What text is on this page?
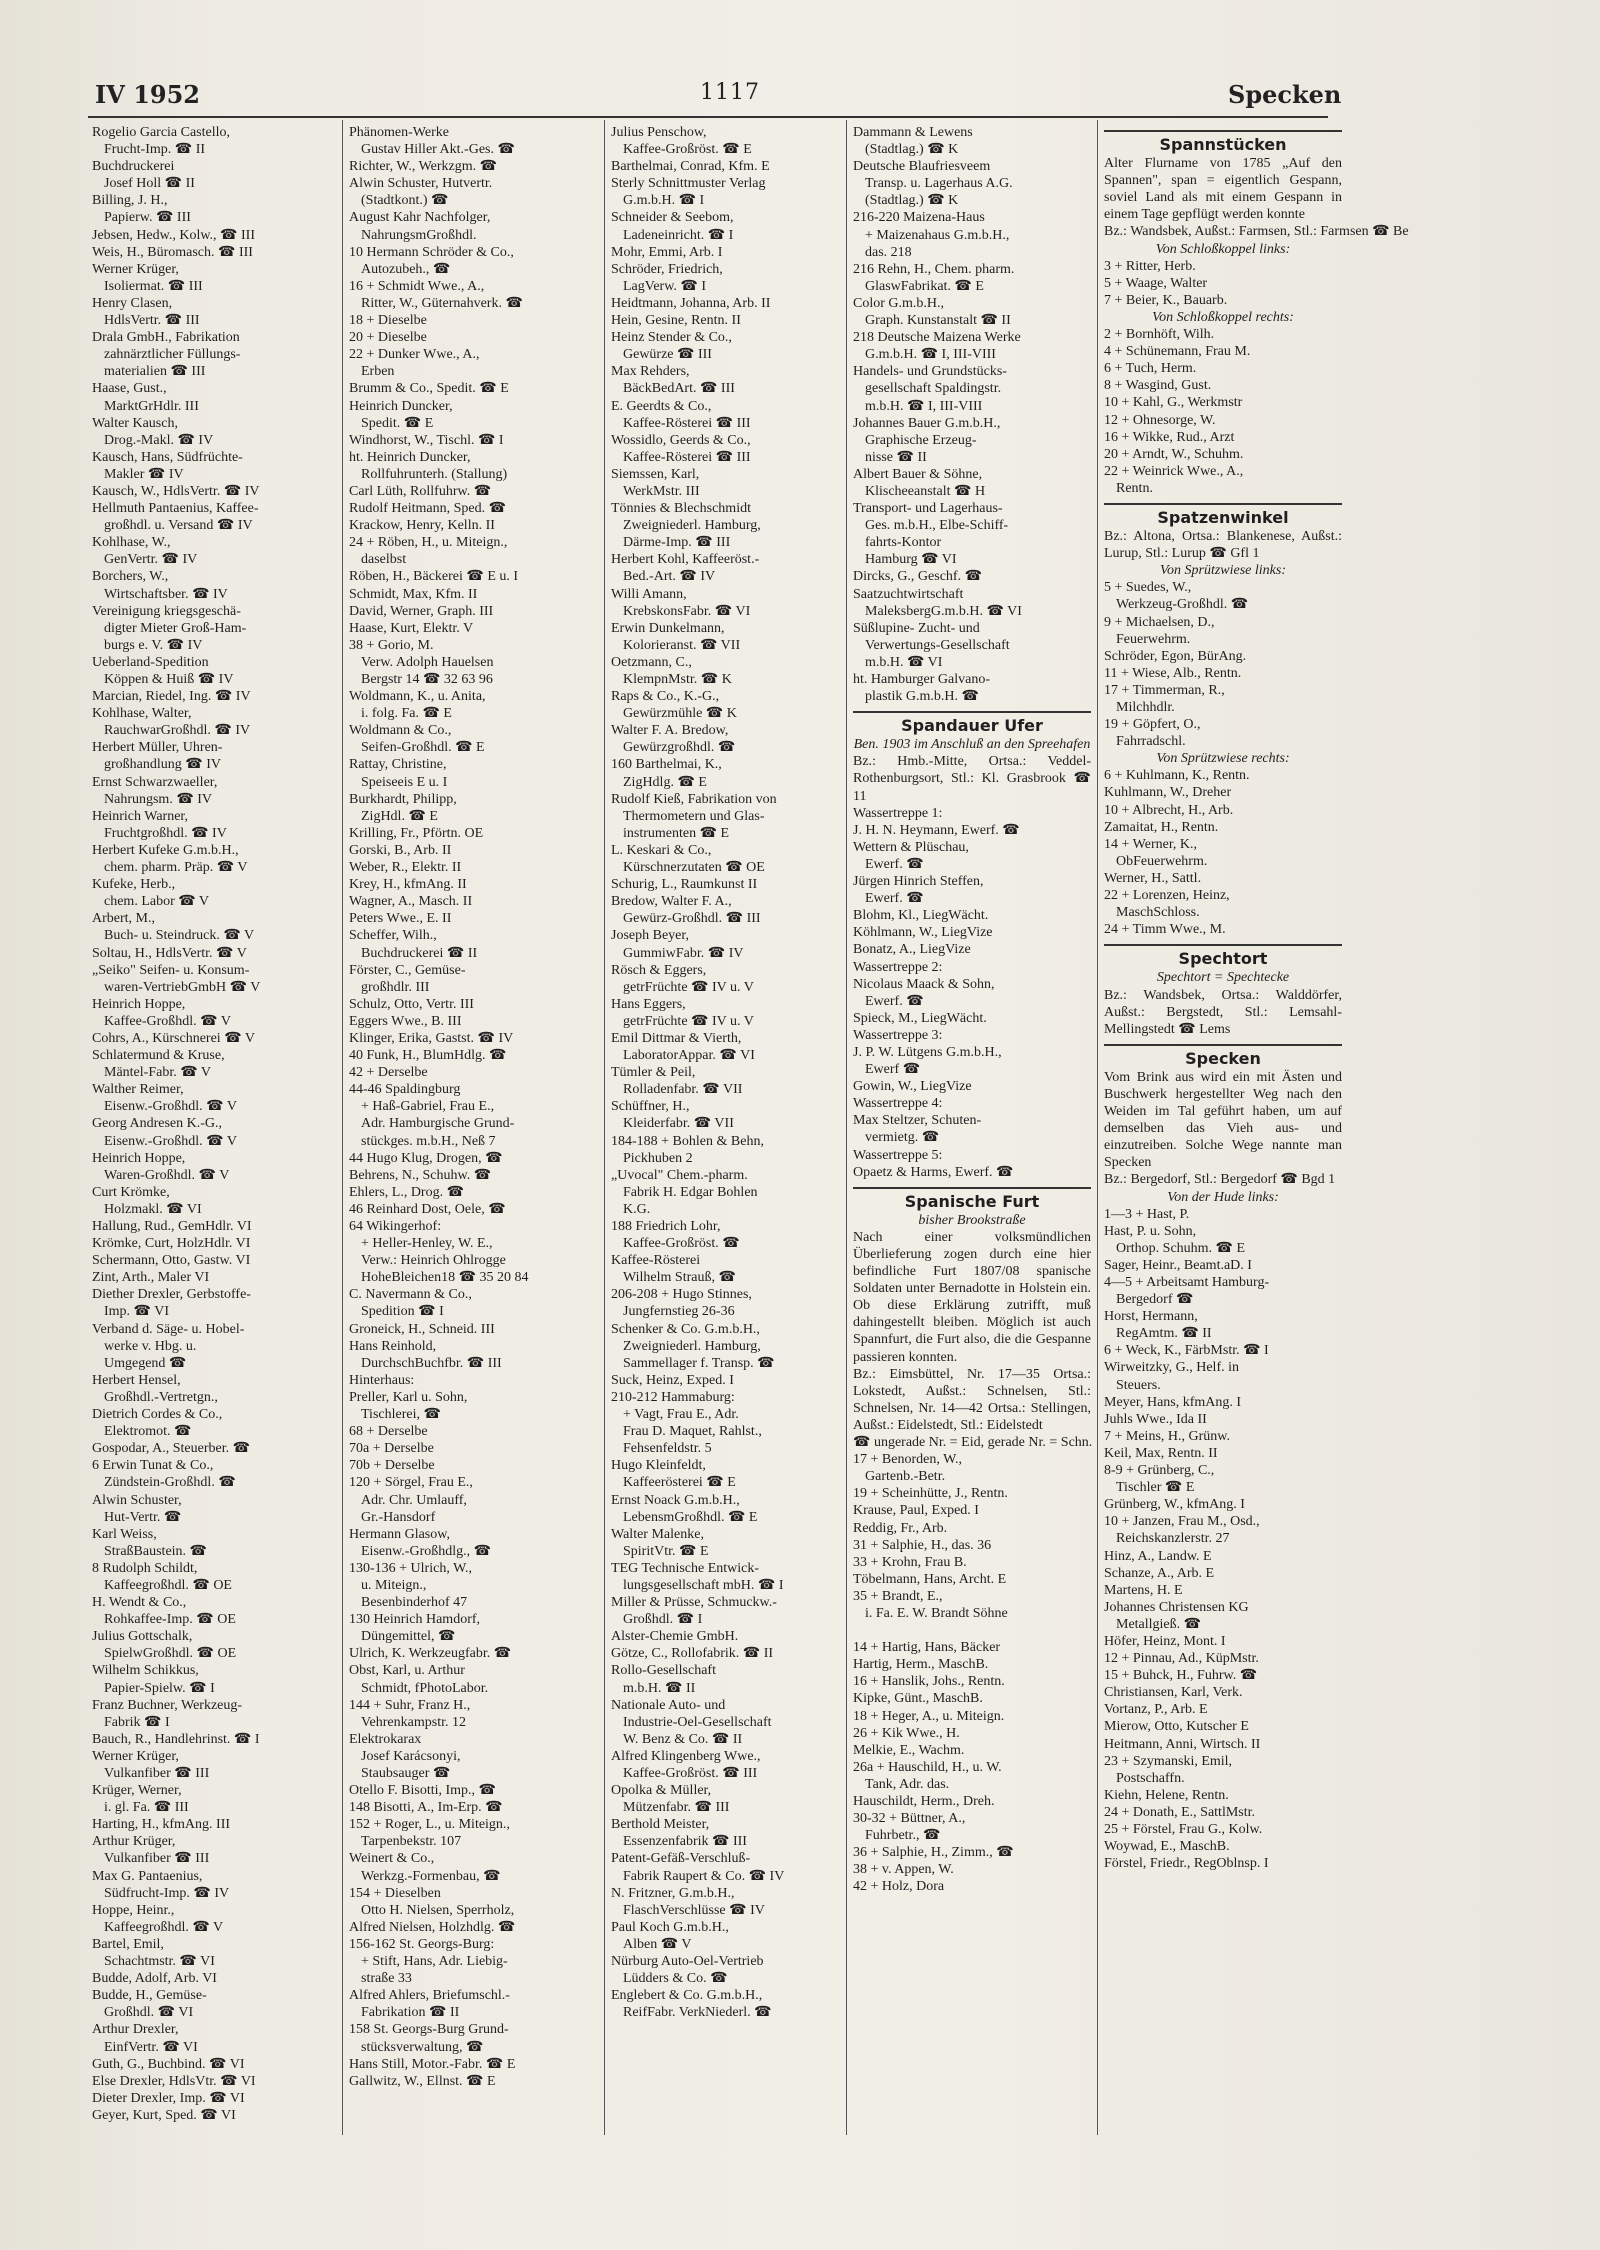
IV 1952	1117	Specken
Rogelio Garcia Castello,
Frucht-Imp. ☎ II
Buchdruckerei
Josef Holl ☎ II
Billing, J. H.,
Papierw. ☎ III
Jebsen, Hedw., Kolw., ☎ III
Weis, H., Büromasch. ☎ III
Werner Krüger,
Isoliermat. ☎ III
Henry Clasen,
HdlsVertr. ☎ III
Drala GmbH., Fabrikation
zahnärztlicher Füllungs-
materialien ☎ III
Haase, Gust.,
MarktGrHdlr. III
Walter Kausch,
Drog.-Makl. ☎ IV
Kausch, Hans, Südfrüchte-
Makler ☎ IV
Kausch, W., HdlsVertr. ☎ IV
Hellmuth Pantaenius, Kaffee-
großhdl. u. Versand ☎ IV
Kohlhase, W.,
GenVertr. ☎ IV
Borchers, W.,
Wirtschaftsber. ☎ IV
Vereinigung kriegsgeschä-
digter Mieter Groß-Ham-
burgs e. V. ☎ IV
Ueberland-Spedition
Köppen & Huiß ☎ IV
Marcian, Riedel, Ing. ☎ IV
Kohlhase, Walter,
RauchwarGroßhdl. ☎ IV
Herbert Müller, Uhren-
großhandlung ☎ IV
Ernst Schwarzwaeller,
Nahrungsm. ☎ IV
Heinrich Warner,
Fruchtgroßhdl. ☎ IV
Herbert Kufeke G.m.b.H.,
chem. pharm. Präp. ☎ V
Kufeke, Herb.,
chem. Labor ☎ V
Arbert, M.,
Buch- u. Steindruck. ☎ V
Soltau, H., HdlsVertr. ☎ V
„Seiko" Seifen- u. Konsum-
waren-VertriebGmbH ☎ V
Heinrich Hoppe,
Kaffee-Großhdl. ☎ V
Cohrs, A., Kürschnerei ☎ V
Schlatermund & Kruse,
Mäntel-Fabr. ☎ V
Walther Reimer,
Eisenw.-Großhdl. ☎ V
Georg Andresen K.-G.,
Eisenw.-Großhdl. ☎ V
Heinrich Hoppe,
Waren-Großhdl. ☎ V
Curt Krömke,
Holzmakl. ☎ VI
Hallung, Rud., GemHdlr. VI
Krömke, Curt, HolzHdlr. VI
Schermann, Otto, Gastw. VI
Zint, Arth., Maler VI
Diether Drexler, Gerbstoffe-
Imp. ☎ VI
Verband d. Säge- u. Hobel-
werke v. Hbg. u.
Umgegend ☎
Herbert Hensel,
Großhdl.-Vertretgn.,
Dietrich Cordes & Co.,
Elektromot. ☎
Gospodar, A., Steuerber. ☎
6 Erwin Tunat & Co.,
Zündstein-Großhdl. ☎
Alwin Schuster,
Hut-Vertr. ☎
Karl Weiss,
StraßBaustein. ☎
8 Rudolph Schildt,
Kaffeegroßhdl. ☎ OE
H. Wendt & Co.,
Rohkaffee-Imp. ☎ OE
Julius Gottschalk,
SpielwGroßhdl. ☎ OE
Wilhelm Schikkus,
Papier-Spielw. ☎ I
Franz Buchner, Werkzeug-
Fabrik ☎ I
Bauch, R., Handlehrinst. ☎ I
Werner Krüger,
Vulkanfiber ☎ III
Krüger, Werner,
i. gl. Fa. ☎ III
Harting, H., kfmAng. III
Arthur Krüger,
Vulkanfiber ☎ III
Max G. Pantaenius,
Südfrucht-Imp. ☎ IV
Hoppe, Heinr.,
Kaffeegroßhdl. ☎ V
Bartel, Emil,
Schachtmstr. ☎ VI
Budde, Adolf, Arb. VI
Budde, H., Gemüse-
Großhdl. ☎ VI
Arthur Drexler,
EinfVertr. ☎ VI
Guth, G., Buchbind. ☎ VI
Else Drexler, HdlsVtr. ☎ VI
Dieter Drexler, Imp. ☎ VI
Geyer, Kurt, Sped. ☎ VI
Phänomen-Werke
Gustav Hiller Akt.-Ges. ☎
Richter, W., Werkzgm. ☎
Alwin Schuster, Hutvertr.
(Stadtkont.) ☎
August Kahr Nachfolger,
NahrungsmGroßhdl.
10 Hermann Schröder & Co.,
Autozubeh., ☎
16 + Schmidt Wwe., A.,
Ritter, W., Güternahverk. ☎
18 + Dieselbe
20 + Dieselbe
22 + Dunker Wwe., A.,
Erben
Brumm & Co., Spedit. ☎ E
Heinrich Duncker,
Spedit. ☎ E
Windhorst, W., Tischl. ☎ I
ht. Heinrich Duncker,
Rollfuhrunterh. (Stallung)
Carl Lüth, Rollfuhrw. ☎
Rudolf Heitmann, Sped. ☎
Krackow, Henry, Kelln. II
24 + Röben, H., u. Miteign.,
daselbst
Röben, H., Bäckerei ☎ E u. I
Schmidt, Max, Kfm. II
David, Werner, Graph. III
Haase, Kurt, Elektr. V
38 + Gorio, M.
Verw. Adolph Hauelsen
Bergstr 14 ☎ 32 63 96
Woldmann, K., u. Anita,
i. folg. Fa. ☎ E
Woldmann & Co.,
Seifen-Großhdl. ☎ E
Rattay, Christine,
Speiseeis E u. I
Burkhardt, Philipp,
ZigHdl. ☎ E
Krilling, Fr., Pförtn. OE
Gorski, B., Arb. II
Weber, R., Elektr. II
Krey, H., kfmAng. II
Wagner, A., Masch. II
Peters Wwe., E. II
Scheffer, Wilh.,
Buchdruckerei ☎ II
Förster, C., Gemüse-
großhdlr. III
Schulz, Otto, Vertr. III
Eggers Wwe., B. III
Klinger, Erika, Gastst. ☎ IV
40 Funk, H., BlumHdlg. ☎
42 + Derselbe
44-46 Spaldingburg
+ Haß-Gabriel, Frau E.,
Adr. Hamburgische Grund-
stückges. m.b.H., Neß 7
44 Hugo Klug, Drogen, ☎
Behrens, N., Schuhw. ☎
Ehlers, L., Drog. ☎
46 Reinhard Dost, Oele, ☎
64 Wikingerhof:
+ Heller-Henley, W. E.,
Verw.: Heinrich Ohlrogge
HoheBleichen18 ☎ 35 20 84
C. Navermann & Co.,
Spedition ☎ I
Groneick, H., Schneid. III
Hans Reinhold,
DurchschBuchfbr. ☎ III
Hinterhaus:
Preller, Karl u. Sohn,
Tischlerei, ☎
68 + Derselbe
70a + Derselbe
70b + Derselbe
120 + Sörgel, Frau E.,
Adr. Chr. Umlauff,
Gr.-Hansdorf
Hermann Glasow,
Eisenw.-Großhdlg., ☎
130-136 + Ulrich, W.,
u. Miteign.,
Besenbinderhof 47
130 Heinrich Hamdorf,
Düngemittel, ☎
Ulrich, K. Werkzeugfabr. ☎
Obst, Karl, u. Arthur
Schmidt, fPhotoLabor.
144 + Suhr, Franz H.,
Vehrenkampstr. 12
Elektrokarax
Josef Karácsonyi,
Staubsauger ☎
Otello F. Bisotti, Imp., ☎
148 Bisotti, A., Im-Erp. ☎
152 + Roger, L., u. Miteign.,
Tarpenbekstr. 107
Weinert & Co.,
Werkzg.-Formenbau, ☎
154 + Dieselben
Otto H. Nielsen, Sperrholz,
Alfred Nielsen, Holzhdlg. ☎
156-162 St. Georgs-Burg:
+ Stift, Hans, Adr. Liebig-
straße 33
Alfred Ahlers, Briefumschl.-
Fabrikation ☎ II
158 St. Georgs-Burg Grund-
stücksverwaltung, ☎
Hans Still, Motor.-Fabr. ☎ E
Gallwitz, W., Ellnst. ☎ E
Julius Penschow,
Kaffee-Großröst. ☎ E
Barthelmai, Conrad, Kfm. E
Sterly Schnittmuster Verlag
G.m.b.H. ☎ I
Schneider & Seebom,
Ladeneinricht. ☎ I
Mohr, Emmi, Arb. I
Schröder, Friedrich,
LagVerw. ☎ I
Heidtmann, Johanna, Arb. II
Hein, Gesine, Rentn. II
Heinz Stender & Co.,
Gewürze ☎ III
Max Rehders,
BäckBedArt. ☎ III
E. Geerdts & Co.,
Kaffee-Rösterei ☎ III
Wossidlo, Geerds & Co.,
Kaffee-Rösterei ☎ III
Siemssen, Karl,
WerkMstr. III
Tönnies & Blechschmidt
Zweigniederl. Hamburg,
Därme-Imp. ☎ III
Herbert Kohl, Kaffeeröst.-
Bed.-Art. ☎ IV
Willi Amann,
KrebskonsFabr. ☎ VI
Erwin Dunkelmann,
Kolorieranst. ☎ VII
Oetzmann, C.,
KlempnMstr. ☎ K
Raps & Co., K.-G.,
Gewürzmühle ☎ K
Walter F. A. Bredow,
Gewürzgroßhdl. ☎
160 Barthelmai, K.,
ZigHdlg. ☎ E
Rudolf Kieß, Fabrikation von
Thermometern und Glas-
instrumenten ☎ E
L. Keskari & Co.,
Kürschnerzutaten ☎ OE
Schurig, L., Raumkunst II
Bredow, Walter F. A.,
Gewürz-Großhdl. ☎ III
Joseph Beyer,
GummiwFabr. ☎ IV
Rösch & Eggers,
getrFrüchte ☎ IV u. V
Hans Eggers,
getrFrüchte ☎ IV u. V
Emil Dittmar & Vierth,
LaboratorAppar. ☎ VI
Tümler & Peil,
Rolladenfabr. ☎ VII
Schüffner, H.,
Kleiderfabr. ☎ VII
184-188 + Bohlen & Behn,
Pickhuben 2
„Uvocal" Chem.-pharm.
Fabrik H. Edgar Bohlen
K.G.
188 Friedrich Lohr,
Kaffee-Großröst. ☎
Kaffee-Rösterei
Wilhelm Strauß, ☎
206-208 + Hugo Stinnes,
Jungfernstieg 26-36
Schenker & Co. G.m.b.H.,
Zweigniederl. Hamburg,
Sammellager f. Transp. ☎
Suck, Heinz, Exped. I
210-212 Hammaburg:
+ Vagt, Frau E., Adr.
Frau D. Maquet, Rahlst.,
Fehsenfeldstr. 5
Hugo Kleinfeldt,
Kaffeerösterei ☎ E
Ernst Noack G.m.b.H.,
LebensmGroßhdl. ☎ E
Walter Malenke,
SpiritVtr. ☎ E
TEG Technische Entwick-
lungsgesellschaft mbH. ☎ I
Miller & Prüsse, Schmuckw.-
Großhdl. ☎ I
Alster-Chemie GmbH.
Götze, C., Rollofabrik. ☎ II
Rollo-Gesellschaft
m.b.H. ☎ II
Nationale Auto- und
Industrie-Oel-Gesellschaft
W. Benz & Co. ☎ II
Alfred Klingenberg Wwe.,
Kaffee-Großröst. ☎ III
Opolka & Müller,
Mützenfabr. ☎ III
Berthold Meister,
Essenzenfabrik ☎ III
Patent-Gefäß-Verschluß-
Fabrik Raupert & Co. ☎ IV
N. Fritzner, G.m.b.H.,
FlaschVerschlüsse ☎ IV
Paul Koch G.m.b.H.,
Alben ☎ V
Nürburg Auto-Oel-Vertrieb
Lüdders & Co. ☎
Englebert & Co. G.m.b.H.,
ReifFabr. VerkNiederl. ☎
Dammann & Lewens
(Stadtlag.) ☎ K
Deutsche Blaufriesveem
Transp. u. Lagerhaus A.G.
(Stadtlag.) ☎ K
216-220 Maizena-Haus
+ Maizenahaus G.m.b.H.,
das. 218
216 Rehn, H., Chem. pharm.
GlaswFabrikat. ☎ E
Color G.m.b.H.,
Graph. Kunstanstalt ☎ II
218 Deutsche Maizena Werke
G.m.b.H. ☎ I, III-VIII
Handels- und Grundstücks-
gesellschaft Spaldingstr.
m.b.H. ☎ I, III-VIII
Johannes Bauer G.m.b.H.,
Graphische Erzeug-
nisse ☎ II
Albert Bauer & Söhne,
Klischeeanstalt ☎ H
Transport- und Lagerhaus-
Ges. m.b.H., Elbe-Schiff-
fahrts-Kontor
Hamburg ☎ VI
Dircks, G., Geschf. ☎
Saatzuchtwirtschaft
MaleksbergG.m.b.H. ☎ VI
Süßlupine- Zucht- und
Verwertungs-Gesellschaft
m.b.H. ☎ VI
ht. Hamburger Galvano-
plastik G.m.b.H. ☎
Spandauer Ufer
Ben. 1903 im Anschluß an den Spreehafen
Bz.: Hmb.-Mitte, Ortsa.: Veddel-Rothenburgsort, Stl.: Kl. Grasbrook ☎ 11
Wassertreppe 1:
J. H. N. Heymann, Ewerf. ☎
Wettern & Plüschau,
Ewerf. ☎
Jürgen Hinrich Steffen,
Ewerf. ☎
Blohm, Kl., LiegWächt.
Köhlmann, W., LiegVize
Bonatz, A., LiegVize
Wassertreppe 2:
Nicolaus Maack & Sohn,
Ewerf. ☎
Spieck, M., LiegWächt.
Wassertreppe 3:
J. P. W. Lütgens G.m.b.H.,
Ewerf ☎
Gowin, W., LiegVize
Wassertreppe 4:
Max Steltzer, Schuten-
vermietg. ☎
Wassertreppe 5:
Opaetz & Harms, Ewerf. ☎
Spanische Furt
bisher Brookstraße
Nach einer volksmündlichen Überlieferung zogen durch eine hier befindliche Furt 1807/08 spanische Soldaten unter Bernadotte in Holstein ein. Ob diese Erklärung zutrifft, muß dahingestellt bleiben. Möglich ist auch Spannfurt, die Furt also, die die Gespanne passieren konnten.
Bz.: Eimsbüttel, Nr. 17—35 Ortsa.: Lokstedt, Außst.: Schnelsen, Stl.: Schnelsen, Nr. 14—42 Ortsa.: Stellingen, Außst.: Eidelstedt, Stl.: Eidelstedt
☎ ungerade Nr. = Eid, gerade Nr. = Schn.
17 + Benorden, W.,
Gartenb.-Betr.
19 + Scheinhütte, J., Rentn.
Krause, Paul, Exped. I
Reddig, Fr., Arb.
31 + Salphie, H., das. 36
33 + Krohn, Frau B.
Töbelmann, Hans, Archt. E
35 + Brandt, E.,
i. Fa. E. W. Brandt Söhne

14 + Hartig, Hans, Bäcker
Hartig, Herm., MaschB.
16 + Hanslik, Johs., Rentn.
Kipke, Günt., MaschB.
18 + Heger, A., u. Miteign.
26 + Kik Wwe., H.
Melkie, E., Wachm.
26a + Hauschild, H., u. W.
Tank, Adr. das.
Hauschildt, Herm., Dreh.
30-32 + Büttner, A.,
Fuhrbetr., ☎
36 + Salphie, H., Zimm., ☎
38 + v. Appen, W.
42 + Holz, Dora
Spannstücken
Alter Flurname von 1785 „Auf den Spannen", span = eigentlich Gespann, soviel Land als mit einem Gespann in einem Tage gepflügt werden konnte
Bz.: Wandsbek, Außst.: Farmsen, Stl.: Farmsen ☎ Be
Von Schloßkoppel links:
3 + Ritter, Herb.
5 + Waage, Walter
7 + Beier, K., Bauarb.
Von Schloßkoppel rechts:
2 + Bornhöft, Wilh.
4 + Schünemann, Frau M.
6 + Tuch, Herm.
8 + Wasgind, Gust.
10 + Kahl, G., Werkmstr
12 + Ohnesorge, W.
16 + Wikke, Rud., Arzt
20 + Arndt, W., Schuhm.
22 + Weinrick Wwe., A.,
Rentn.
Spatzenwinkel
Bz.: Altona, Ortsa.: Blankenese, Außst.: Lurup, Stl.: Lurup ☎ Gfl 1
Von Sprützwiese links:
5 + Suedes, W.,
Werkzeug-Großhdl. ☎
9 + Michaelsen, D.,
Feuerwehrm.
Schröder, Egon, BürAng.
11 + Wiese, Alb., Rentn.
17 + Timmerman, R.,
Milchhdlr.
19 + Göpfert, O.,
Fahrradschl.
Von Sprützwiese rechts:
6 + Kuhlmann, K., Rentn.
Kuhlmann, W., Dreher
10 + Albrecht, H., Arb.
Zamaitat, H., Rentn.
14 + Werner, K.,
ObFeuerwehrm.
Werner, H., Sattl.
22 + Lorenzen, Heinz,
MaschSchloss.
24 + Timm Wwe., M.
Spechtort
Spechtort = Spechtecke
Bz.: Wandsbek, Ortsa.: Walddörfer, Außst.: Bergstedt, Stl.: Lemsahl-Mellingstedt ☎ Lems
Specken
Vom Brink aus wird ein mit Ästen und Buschwerk hergestellter Weg nach den Weiden im Tal geführt haben, um auf demselben das Vieh aus- und einzutreiben. Solche Wege nannte man Specken
Bz.: Bergedorf, Stl.: Bergedorf ☎ Bgd 1
Von der Hude links:
1—3 + Hast, P.
Hast, P. u. Sohn,
Orthop. Schuhm. ☎ E
Sager, Heinr., Beamt.aD. I
4—5 + Arbeitsamt Hamburg-
Bergedorf ☎
Horst, Hermann,
RegAmtm. ☎ II
6 + Weck, K., FärbMstr. ☎ I
Wirweitzky, G., Helf. in
Steuers.
Meyer, Hans, kfmAng. I
Juhls Wwe., Ida II
7 + Meins, H., Grünw.
Keil, Max, Rentn. II
8-9 + Grünberg, C.,
Tischler ☎ E
Grünberg, W., kfmAng. I
10 + Janzen, Frau M., Osd.,
Reichskanzlerstr. 27
Hinz, A., Landw. E
Schanze, A., Arb. E
Martens, H. E
Johannes Christensen KG
Metallgieß. ☎
Höfer, Heinz, Mont. I
12 + Pinnau, Ad., KüpMstr.
15 + Buhck, H., Fuhrw. ☎
Christiansen, Karl, Verk.
Vortanz, P., Arb. E
Mierow, Otto, Kutscher E
Heitmann, Anni, Wirtsch. II
23 + Szymanski, Emil,
Postschaffn.
Kiehn, Helene, Rentn.
24 + Donath, E., SattlMstr.
25 + Förstel, Frau G., Kolw.
Woywad, E., MaschB.
Förstel, Friedr., RegOblnsp. I
